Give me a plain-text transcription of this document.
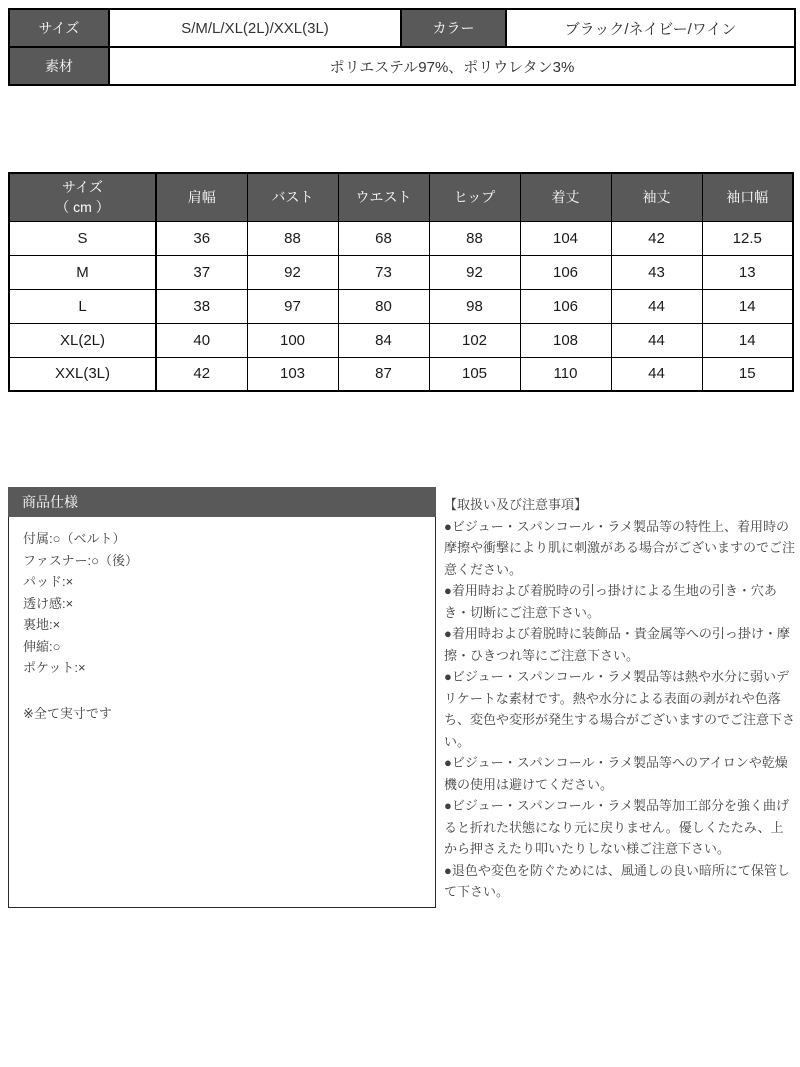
サイズ	S/M/L/XL(2L)/XXL(3L)	カラー	ブラック/ネイビー/ワイン
素材	ポリエステル97%、ポリウレタン3%		
サイズ
（ cm ）	肩幅	バスト	ウエスト	ヒップ	着丈	袖丈	袖口幅
S	36	88	68	88	104	42	12.5
M	37	92	73	92	106	43	13
L	38	97	80	98	106	44	14
XL(2L)	40	100	84	102	108	44	14
XXL(3L)	42	103	87	105	110	44	15
商品仕様
付属:○（ベルト）
ファスナー:○（後）
パッド:×
透け感:×
裏地:×
伸縮:○
ポケット:×
※全て実寸です
【取扱い及び注意事項】
●ビジュー・スパンコール・ラメ製品等の特性上、着用時の摩擦や衝撃により肌に刺激がある場合がございますのでご注意ください。
●着用時および着脱時の引っ掛けによる生地の引き・穴あき・切断にご注意下さい。
●着用時および着脱時に装飾品・貴金属等への引っ掛け・摩擦・ひきつれ等にご注意下さい。
●ビジュー・スパンコール・ラメ製品等は熱や水分に弱いデリケートな素材です。熱や水分による表面の剥がれや色落ち、変色や変形が発生する場合がございますのでご注意下さい。
●ビジュー・スパンコール・ラメ製品等へのアイロンや乾燥機の使用は避けてください。
●ビジュー・スパンコール・ラメ製品等加工部分を強く曲げると折れた状態になり元に戻りません。優しくたたみ、上から押さえたり叩いたりしない様ご注意下さい。
●退色や変色を防ぐためには、風通しの良い暗所にて保管して下さい。
